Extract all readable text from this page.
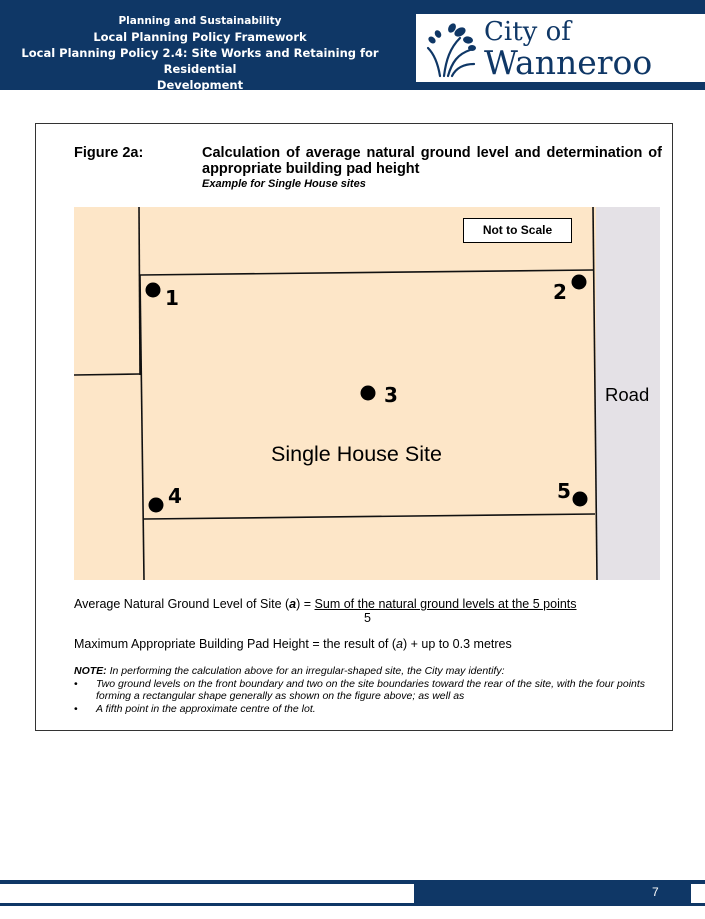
Planning and Sustainability
Local Planning Policy Framework
Local Planning Policy 2.4: Site Works and Retaining for Residential
Development
City of
Wanneroo
Figure 2a:	Calculation of average natural ground level and determination of appropriate building pad height
Example for Single House sites
Not to Scale
1	2
3
4	5
Single House Site
Road
Average Natural Ground Level of Site (a) = Sum of the natural ground levels at the 5 points
5
Maximum Appropriate Building Pad Height = the result of (a) + up to 0.3 metres
NOTE: In performing the calculation above for an irregular-shaped site, the City may identify:
• Two ground levels on the front boundary and two on the site boundaries toward the rear of the site, with the four points forming a rectangular shape generally as shown on the figure above; as well as
• A fifth point in the approximate centre of the lot.
7
